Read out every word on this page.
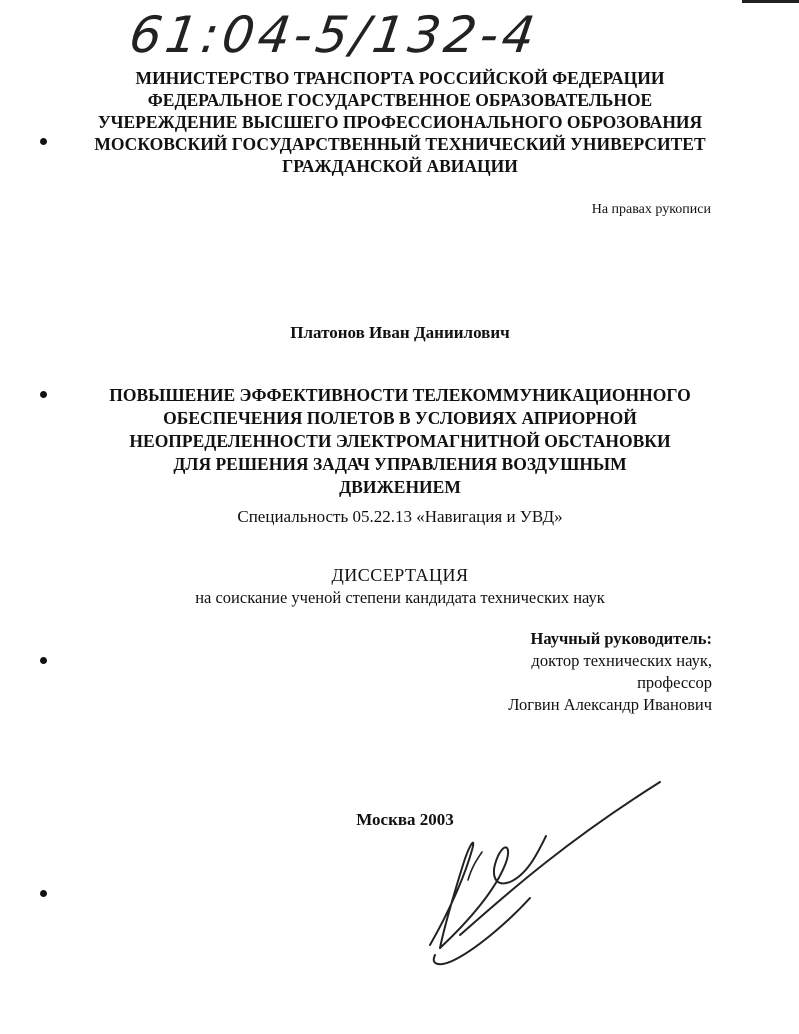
61:04-5/132-4
МИНИСТЕРСТВО ТРАНСПОРТА РОССИЙСКОЙ ФЕДЕРАЦИИ
ФЕДЕРАЛЬНОЕ ГОСУДАРСТВЕННОЕ ОБРАЗОВАТЕЛЬНОЕ
УЧЕРЕЖДЕНИЕ ВЫСШЕГО ПРОФЕССИОНАЛЬНОГО ОБРОЗОВАНИЯ
МОСКОВСКИЙ ГОСУДАРСТВЕННЫЙ ТЕХНИЧЕСКИЙ УНИВЕРСИТЕТ
ГРАЖДАНСКОЙ АВИАЦИИ
На правах рукописи
Платонов Иван Даниилович
ПОВЫШЕНИЕ ЭФФЕКТИВНОСТИ ТЕЛЕКОММУНИКАЦИОННОГО
ОБЕСПЕЧЕНИЯ ПОЛЕТОВ В УСЛОВИЯХ АПРИОРНОЙ
НЕОПРЕДЕЛЕННОСТИ ЭЛЕКТРОМАГНИТНОЙ ОБСТАНОВКИ
ДЛЯ РЕШЕНИЯ ЗАДАЧ УПРАВЛЕНИЯ ВОЗДУШНЫМ
ДВИЖЕНИЕМ
Специальность 05.22.13 «Навигация и УВД»
ДИССЕРТАЦИЯ
на соискание ученой степени кандидата технических наук
Научный руководитель:
доктор технических наук,
профессор
Логвин Александр Иванович
Москва 2003
